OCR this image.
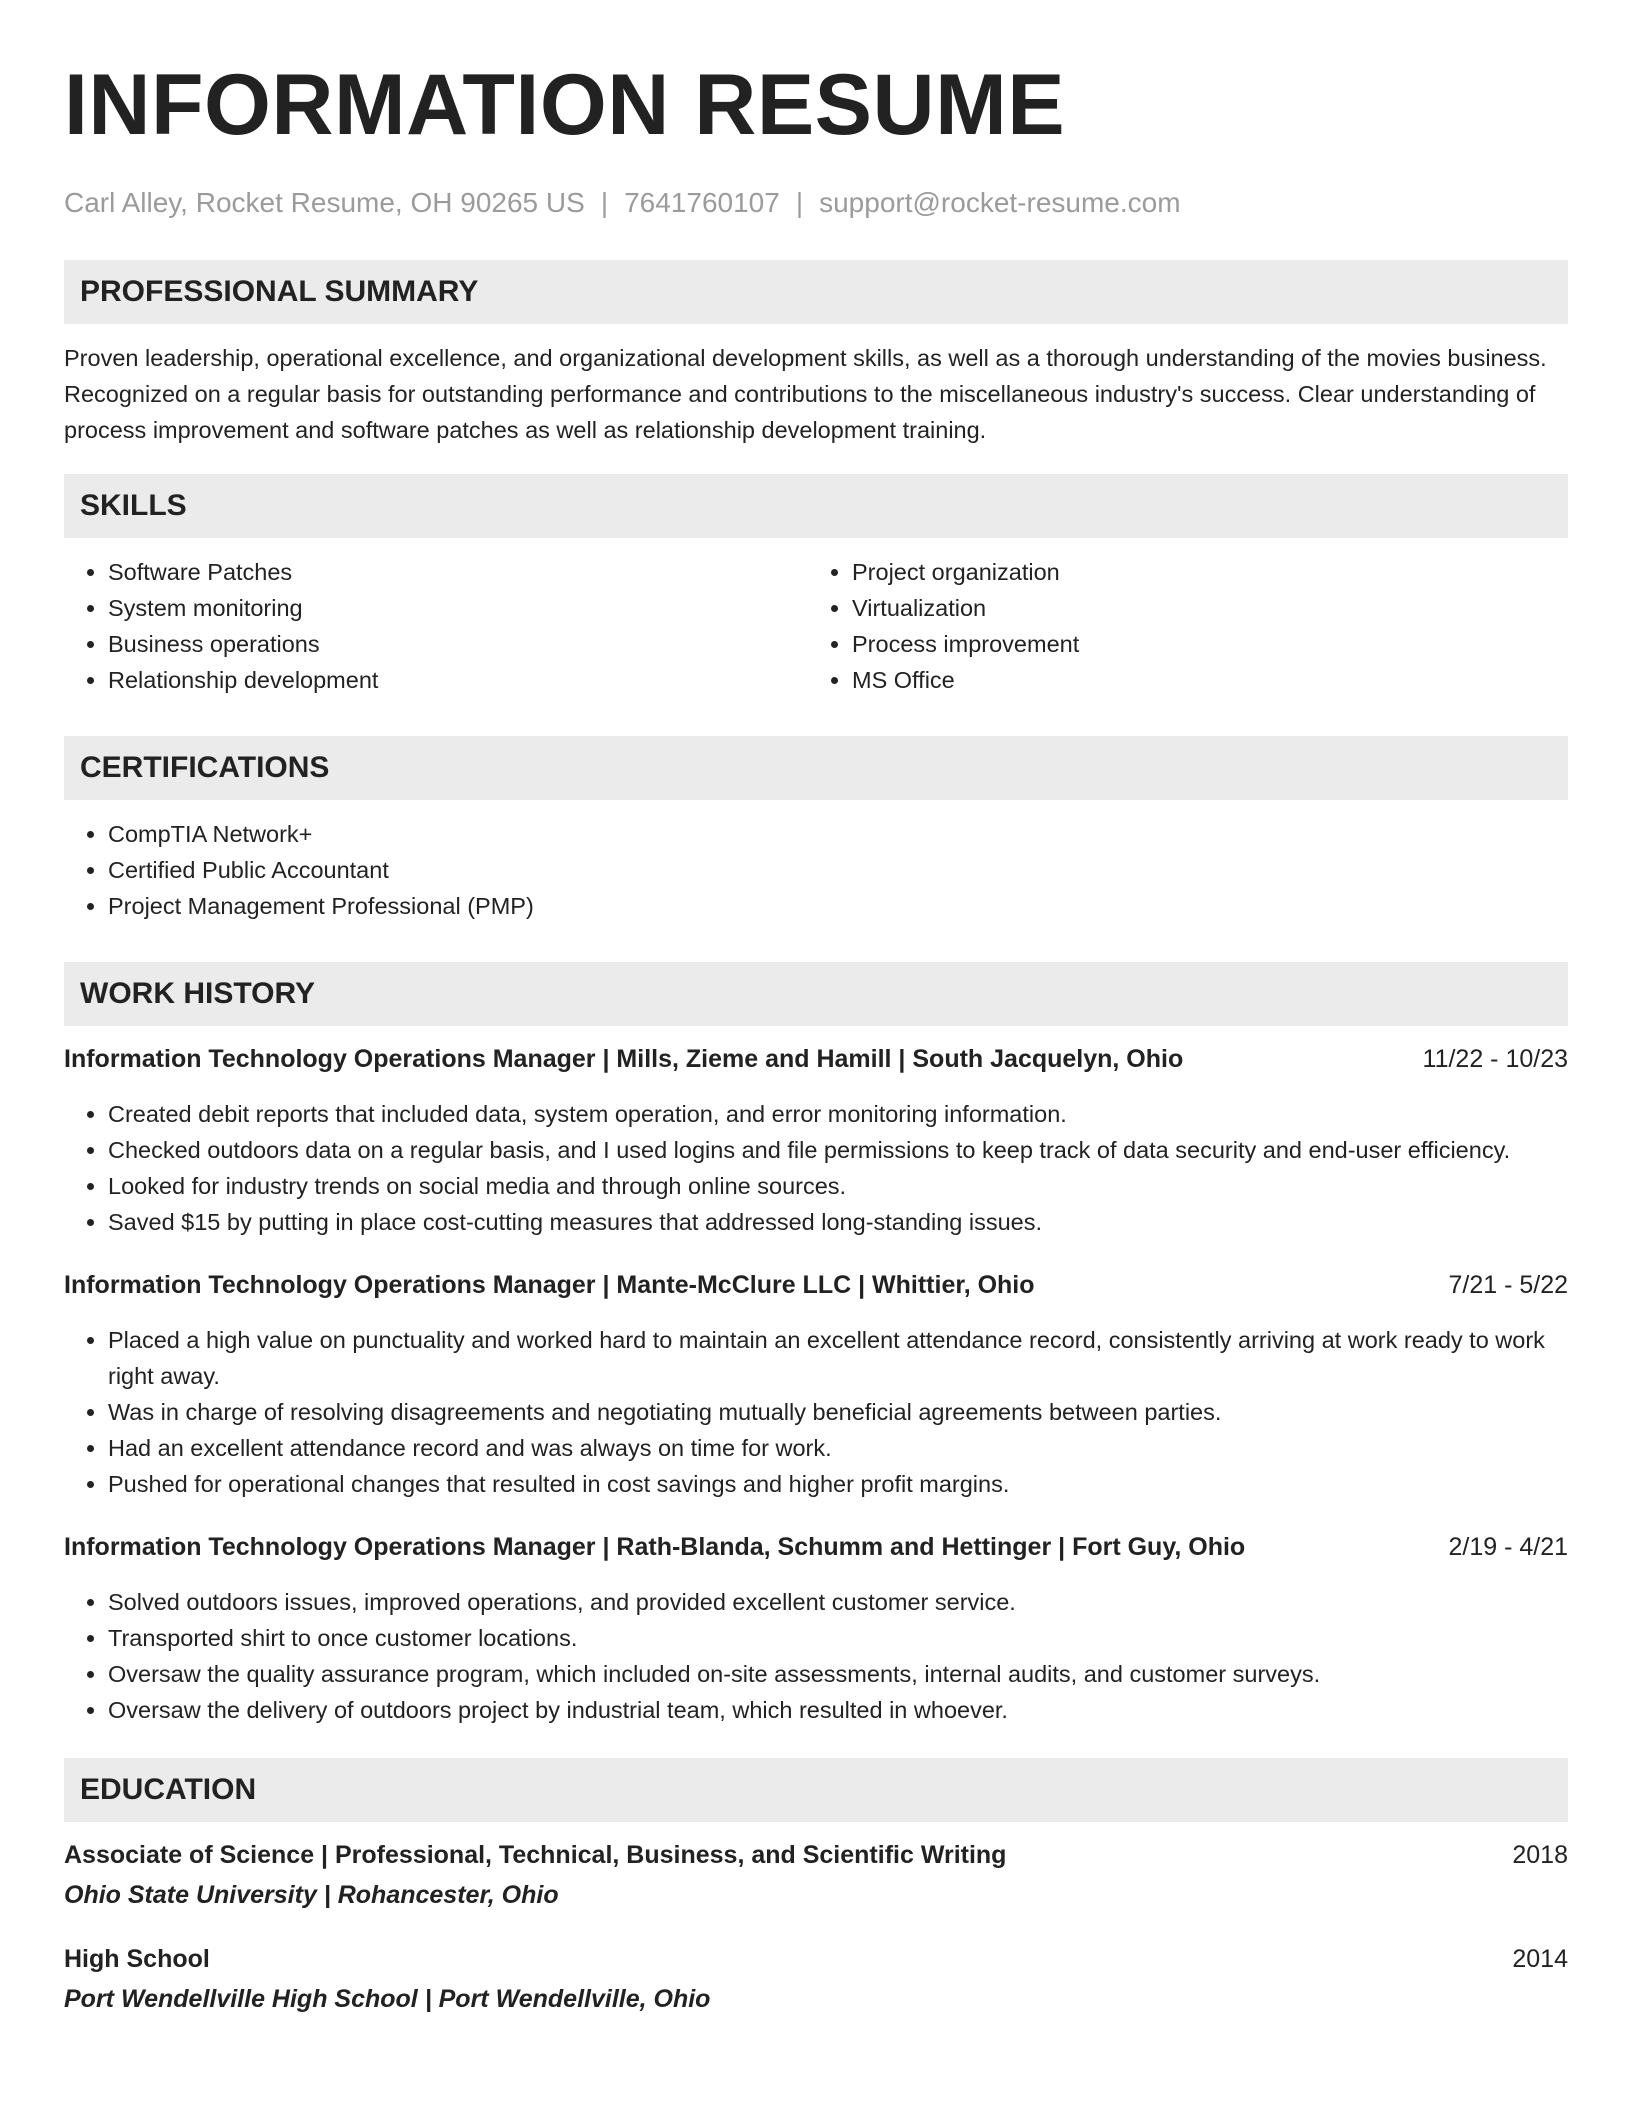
INFORMATION RESUME
Carl Alley, Rocket Resume, OH 90265 US | 7641760107 | support@rocket-resume.com
PROFESSIONAL SUMMARY

Proven leadership, operational excellence, and organizational development skills, as well as a thorough understanding of the movies business. Recognized on a regular basis for outstanding performance and contributions to the miscellaneous industry's success. Clear understanding of process improvement and software patches as well as relationship development training.

SKILLS
• Software Patches
• System monitoring
• Business operations
• Relationship development
• Project organization
• Virtualization
• Process improvement
• MS Office
CERTIFICATIONS
• CompTIA Network+
• Certified Public Accountant
• Project Management Professional (PMP)
WORK HISTORY
Information Technology Operations Manager | Mills, Zieme and Hamill | South Jacquelyn, Ohio	11/22 - 10/23
• Created debit reports that included data, system operation, and error monitoring information.
• Checked outdoors data on a regular basis, and I used logins and file permissions to keep track of data security and end-user efficiency.
• Looked for industry trends on social media and through online sources.
• Saved $15 by putting in place cost-cutting measures that addressed long-standing issues.
Information Technology Operations Manager | Mante-McClure LLC | Whittier, Ohio	7/21 - 5/22
• Placed a high value on punctuality and worked hard to maintain an excellent attendance record, consistently arriving at work ready to work right away.
• Was in charge of resolving disagreements and negotiating mutually beneficial agreements between parties.
• Had an excellent attendance record and was always on time for work.
• Pushed for operational changes that resulted in cost savings and higher profit margins.
Information Technology Operations Manager | Rath-Blanda, Schumm and Hettinger | Fort Guy, Ohio	2/19 - 4/21
• Solved outdoors issues, improved operations, and provided excellent customer service.
• Transported shirt to once customer locations.
• Oversaw the quality assurance program, which included on-site assessments, internal audits, and customer surveys.
• Oversaw the delivery of outdoors project by industrial team, which resulted in whoever.
EDUCATION
Associate of Science | Professional, Technical, Business, and Scientific Writing	2018
Ohio State University | Rohancester, Ohio
High School	2014
Port Wendellville High School | Port Wendellville, Ohio
